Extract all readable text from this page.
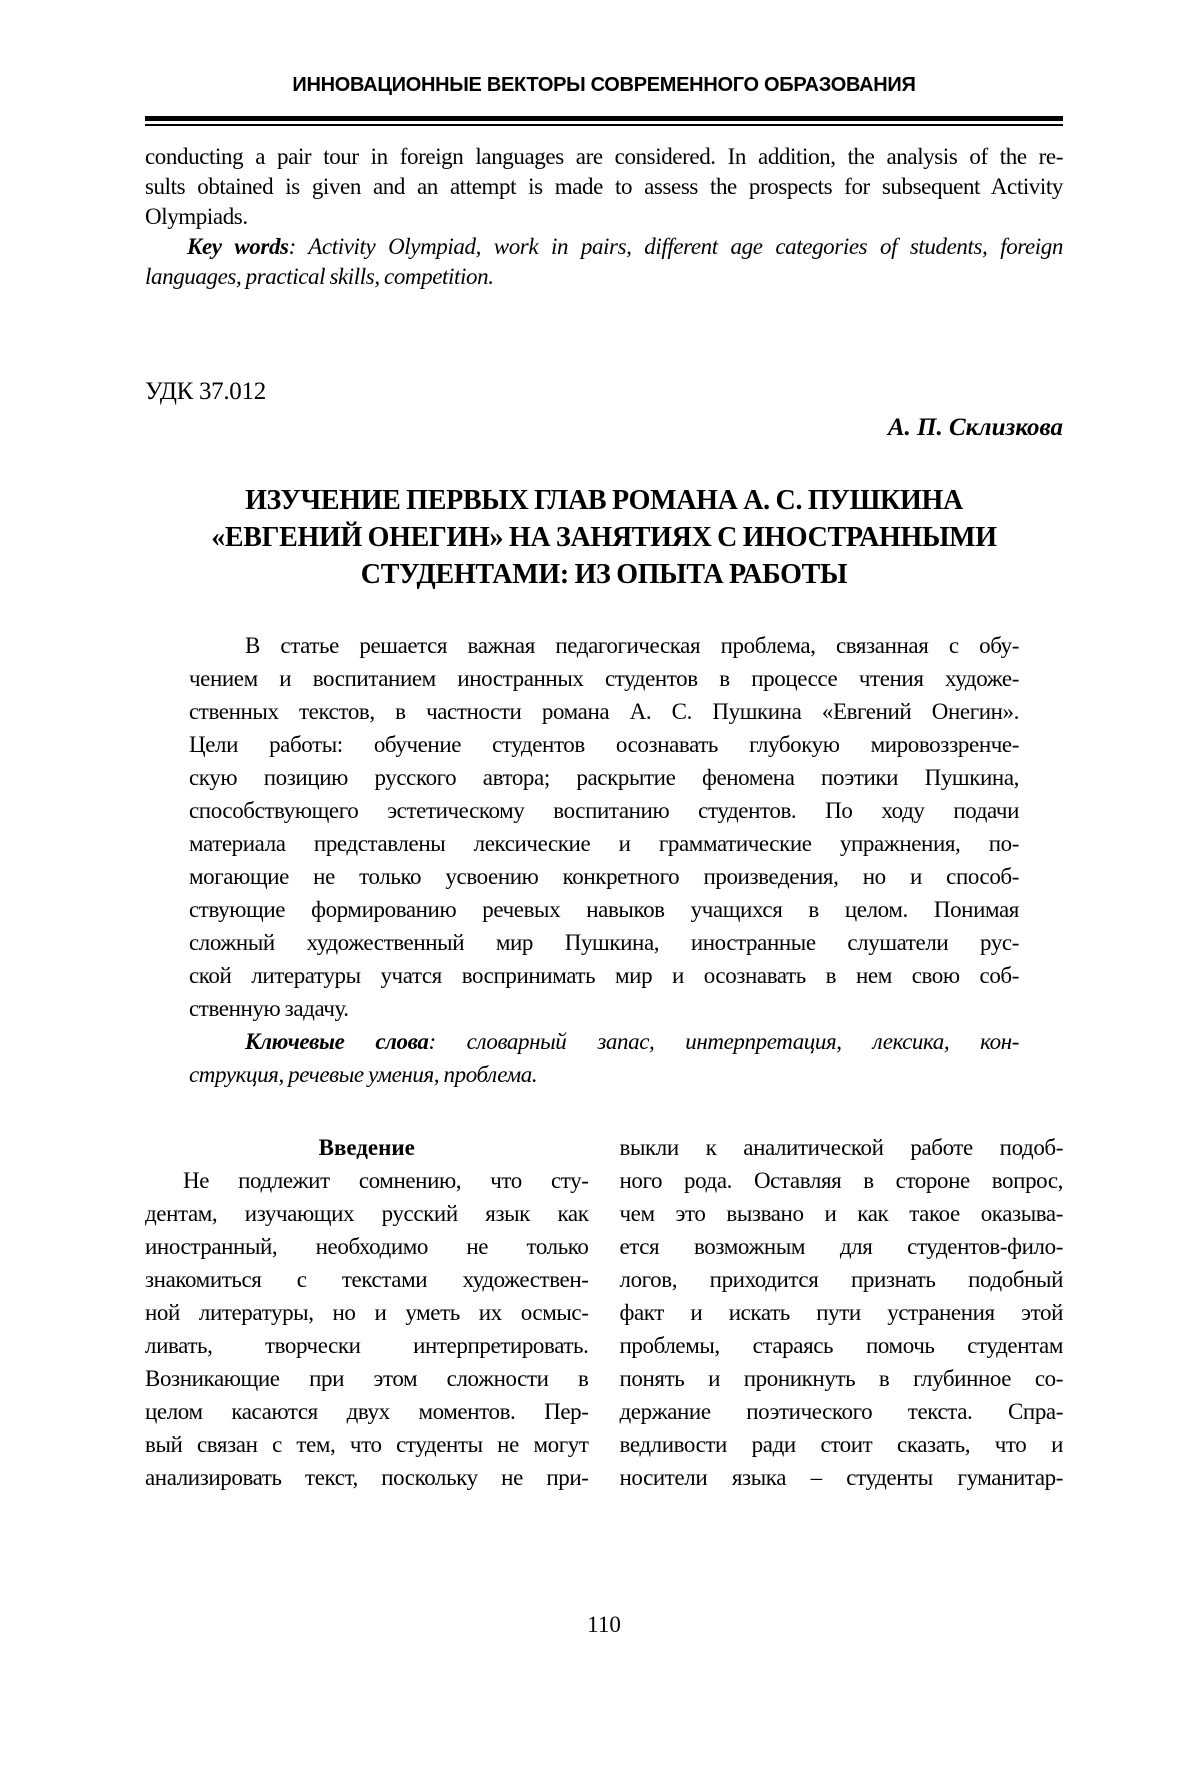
ИННОВАЦИОННЫЕ ВЕКТОРЫ СОВРЕМЕННОГО ОБРАЗОВАНИЯ
conducting a pair tour in foreign languages are considered. In addition, the analysis of the re-
sults obtained is given and an attempt is made to assess the prospects for subsequent Activity
Olympiads.
Key words: Activity Olympiad, work in pairs, different age categories of students, foreign
languages, practical skills, competition.
УДК 37.012
А. П. Склизкова
ИЗУЧЕНИЕ ПЕРВЫХ ГЛАВ РОМАНА А. С. ПУШКИНА
«ЕВГЕНИЙ ОНЕГИН» НА ЗАНЯТИЯХ С ИНОСТРАННЫМИ
СТУДЕНТАМИ: ИЗ ОПЫТА РАБОТЫ
В статье решается важная педагогическая проблема, связанная с обу-
чением и воспитанием иностранных студентов в процессе чтения художе-
ственных текстов, в частности романа А. С. Пушкина «Евгений Онегин».
Цели работы: обучение студентов осознавать глубокую мировоззренче-
скую позицию русского автора; раскрытие феномена поэтики Пушкина,
способствующего эстетическому воспитанию студентов. По ходу подачи
материала представлены лексические и грамматические упражнения, по-
могающие не только усвоению конкретного произведения, но и способ-
ствующие формированию речевых навыков учащихся в целом. Понимая
сложный художественный мир Пушкина, иностранные слушатели рус-
ской литературы учатся воспринимать мир и осознавать в нем свою соб-
ственную задачу.
Ключевые слова: словарный запас, интерпретация, лексика, кон-
струкция, речевые умения, проблема.
Введение
Не подлежит сомнению, что сту-
дентам, изучающих русский язык как
иностранный, необходимо не только
знакомиться с текстами художествен-
ной литературы, но и уметь их осмыс-
ливать, творчески интерпретировать.
Возникающие при этом сложности в
целом касаются двух моментов. Пер-
вый связан с тем, что студенты не могут
анализировать текст, поскольку не при-
выкли к аналитической работе подоб-
ного рода. Оставляя в стороне вопрос,
чем это вызвано и как такое оказыва-
ется возможным для студентов-фило-
логов, приходится признать подобный
факт и искать пути устранения этой
проблемы, стараясь помочь студентам
понять и проникнуть в глубинное со-
держание поэтического текста. Спра-
ведливости ради стоит сказать, что и
носители языка – студенты гуманитар-
110
